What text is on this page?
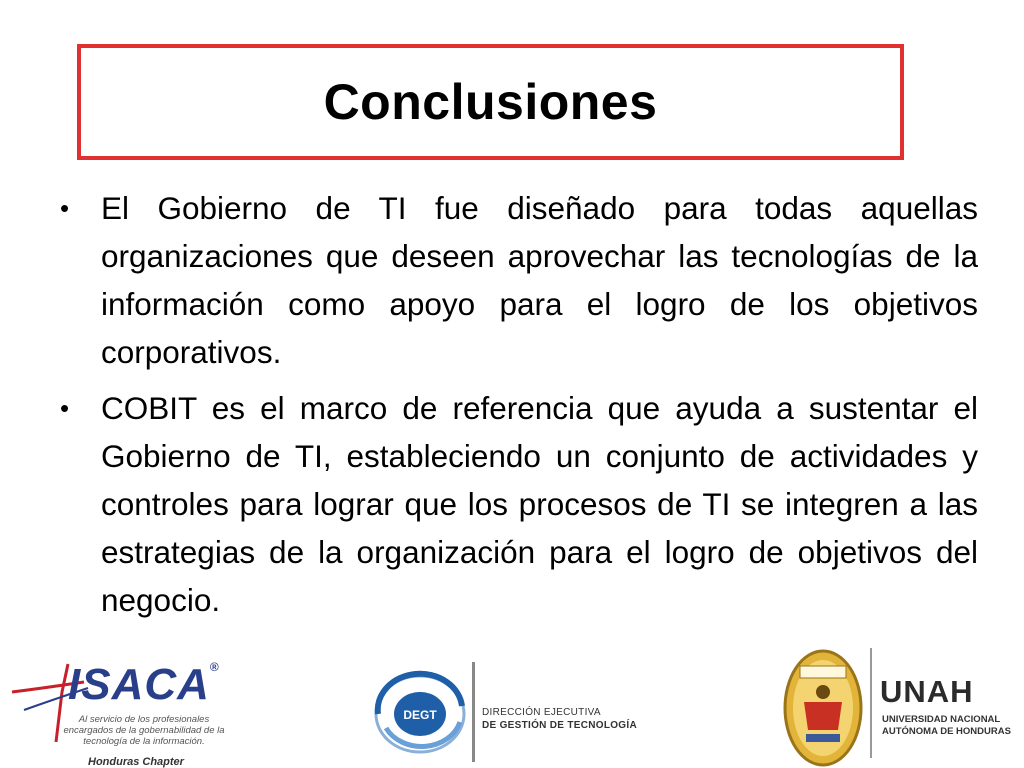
Conclusiones
• El Gobierno de TI fue diseñado para todas aquellas organizaciones que deseen aprovechar las tecnologías de la información como apoyo para el logro de los objetivos corporativos.
• COBIT es el marco de referencia que ayuda a sustentar el Gobierno de TI, estableciendo un conjunto de actividades y controles para lograr que los procesos de TI se integren a las estrategias de la organización para el logro de objetivos del negocio.
ISACA®
Al servicio de los profesionales
encargados de la gobernabilidad de la
tecnología de la información.
Honduras Chapter
DEGT	DIRECCIÓN EJECUTIVA
DE GESTIÓN DE TECNOLOGÍA
UNAH
UNIVERSIDAD NACIONAL
AUTÓNOMA DE HONDURAS
